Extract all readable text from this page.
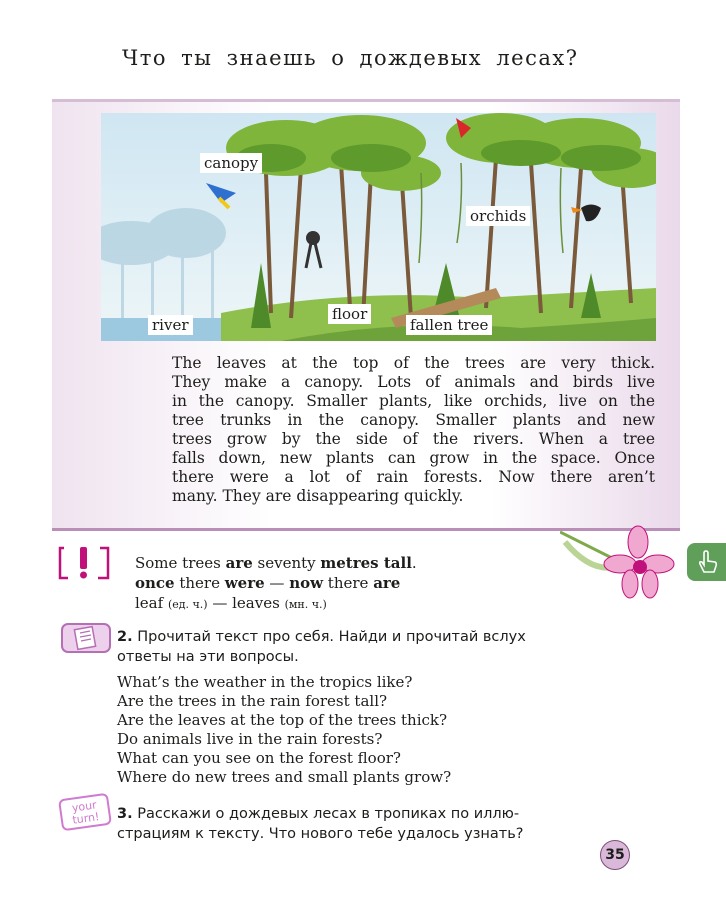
Что ты знаешь о дождевых лесах?
canopy
orchids
river
floor
fallen tree
The leaves at the top of the trees are very thick.
They make a canopy. Lots of animals and birds live
in the canopy. Smaller plants, like orchids, live on the
tree trunks in the canopy. Smaller plants and new
trees grow by the side of the rivers. When a tree
falls down, new plants can grow in the space. Once
there were a lot of rain forests. Now there aren’t
many. They are disappearing quickly.
Some trees are seventy metres tall.
once there were — now there are
leaf (ед. ч.) — leaves (мн. ч.)
2. Прочитай текст про себя. Найди и прочитай вслух
ответы на эти вопросы.
What’s the weather in the tropics like?
Are the trees in the rain forest tall?
Are the leaves at the top of the trees thick?
Do animals live in the rain forests?
What can you see on the forest floor?
Where do new trees and small plants grow?
your
turn!	3. Расскажи о дождевых лесах в тропиках по иллю-
страциям к тексту. Что нового тебе удалось узнать?
35
